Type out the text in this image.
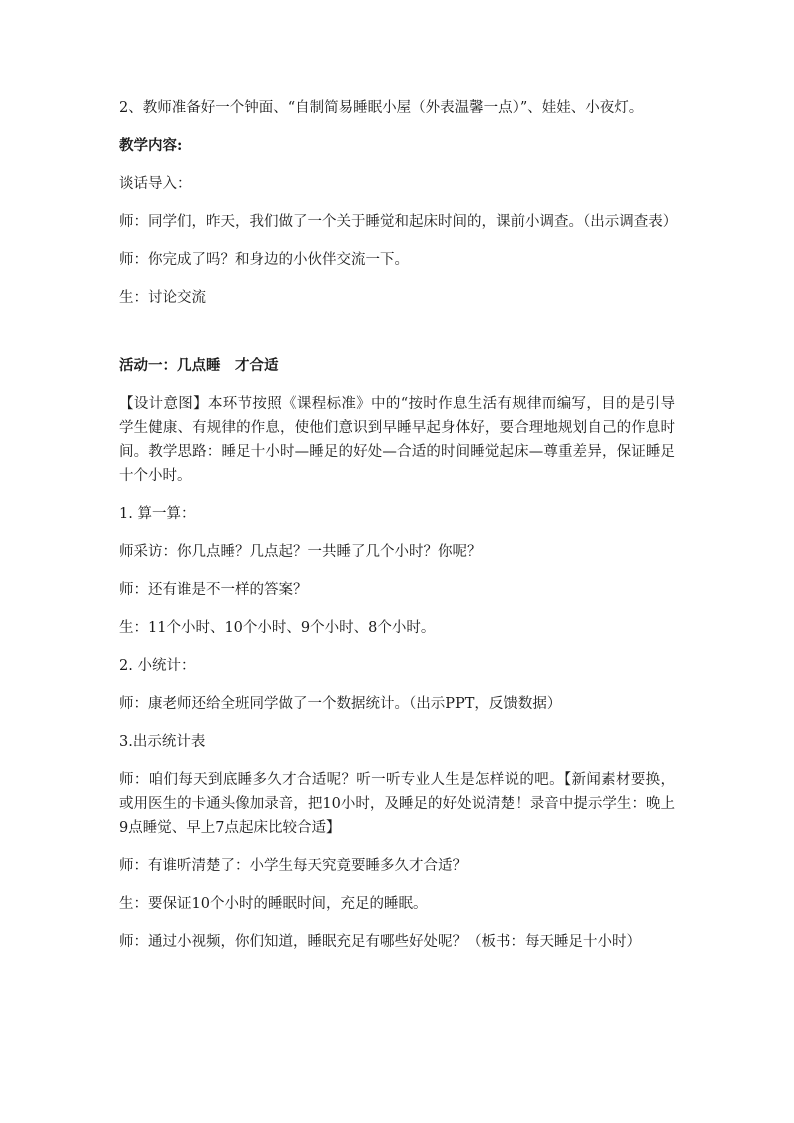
2、教师准备好一个钟面、“自制简易睡眠小屋（外表温馨一点）”、娃娃、小夜灯。

教学内容:

谈话导入：

师：同学们，昨天，我们做了一个关于睡觉和起床时间的，课前小调查。（出示调查表）

师：你完成了吗？和身边的小伙伴交流一下。

生：讨论交流

活动一：几点睡　才合适

【设计意图】本环节按照《课程标准》中的“按时作息生活有规律而编写，目的是引导学生健康、有规律的作息，使他们意识到早睡早起身体好，要合理地规划自己的作息时间。教学思路：睡足十小时—睡足的好处—合适的时间睡觉起床—尊重差异，保证睡足十个小时。

1. 算一算：

师采访：你几点睡？几点起？一共睡了几个小时？你呢？

师：还有谁是不一样的答案？

生：11个小时、10个小时、9个小时、8个小时。

2. 小统计：

师：康老师还给全班同学做了一个数据统计。（出示PPT，反馈数据）

3.出示统计表

师：咱们每天到底睡多久才合适呢？听一听专业人生是怎样说的吧。【新闻素材要换，或用医生的卡通头像加录音，把10小时，及睡足的好处说清楚！录音中提示学生：晚上9点睡觉、早上7点起床比较合适】

师：有谁听清楚了：小学生每天究竟要睡多久才合适？

生：要保证10个小时的睡眠时间，充足的睡眠。

师：通过小视频，你们知道，睡眠充足有哪些好处呢？（板书：每天睡足十小时）
